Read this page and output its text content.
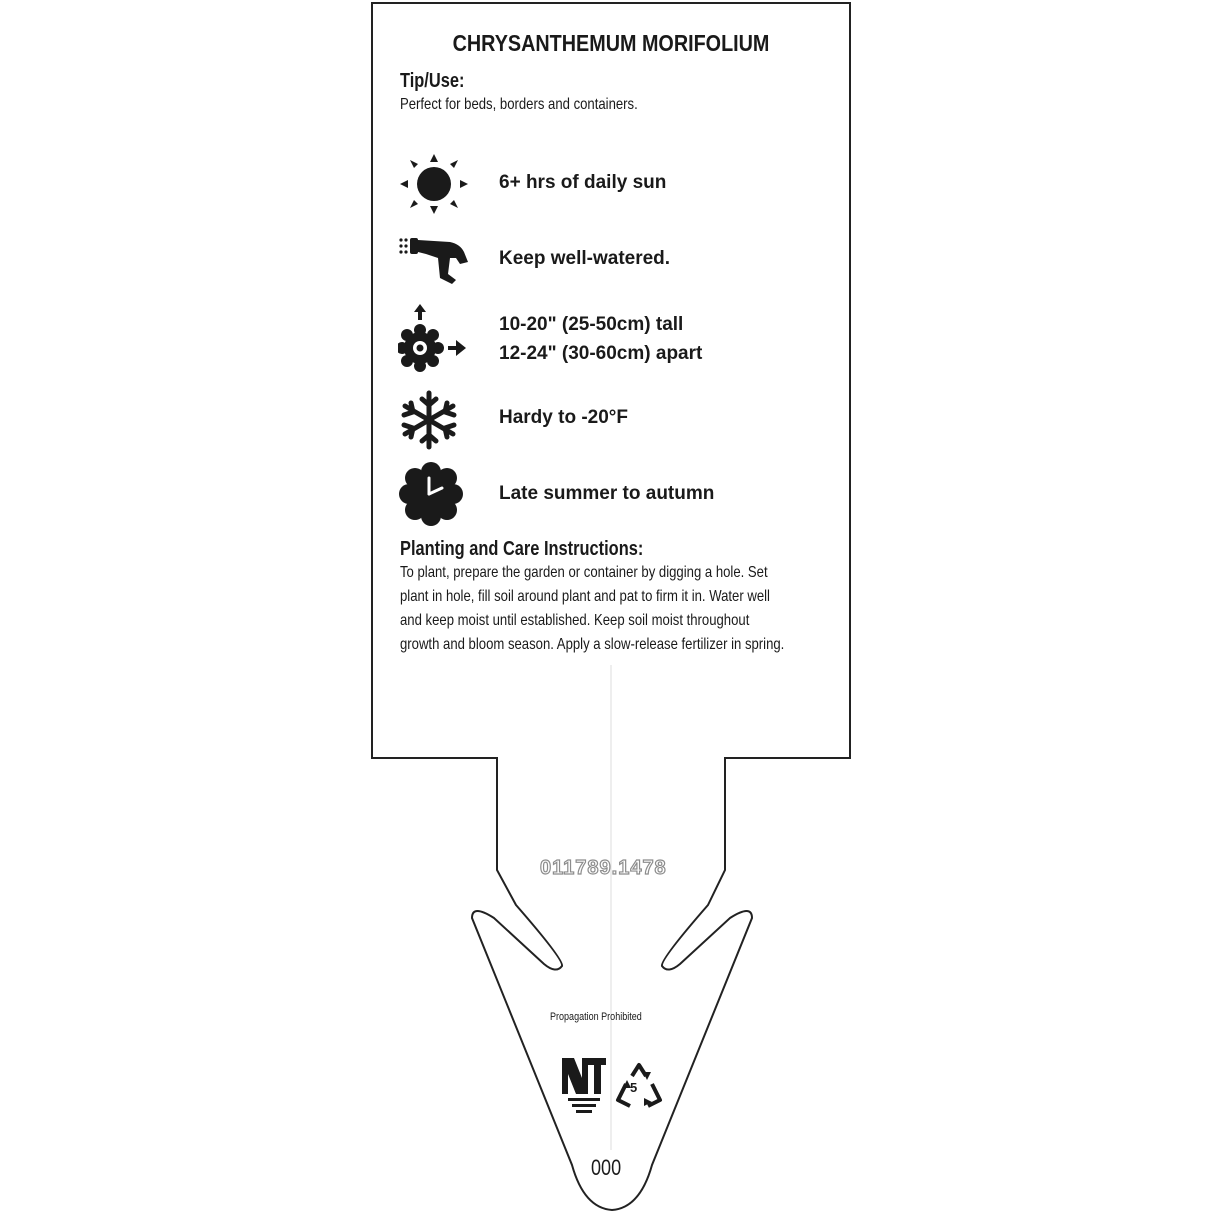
CHRYSANTHEMUM MORIFOLIUM
Tip/Use:
Perfect for beds, borders and containers.
6+ hrs of daily sun
Keep well-watered.
10-20" (25-50cm) tall
12-24" (30-60cm) apart
Hardy to -20°F
Late summer to autumn
Planting and Care Instructions:
To plant, prepare the garden or container by digging a hole. Set
plant in hole, fill soil around plant and pat to firm it in. Water well
and keep moist until established. Keep soil moist throughout
growth and bloom season. Apply a slow-release fertilizer in spring.
011789.1478
Propagation Prohibited
5
000
